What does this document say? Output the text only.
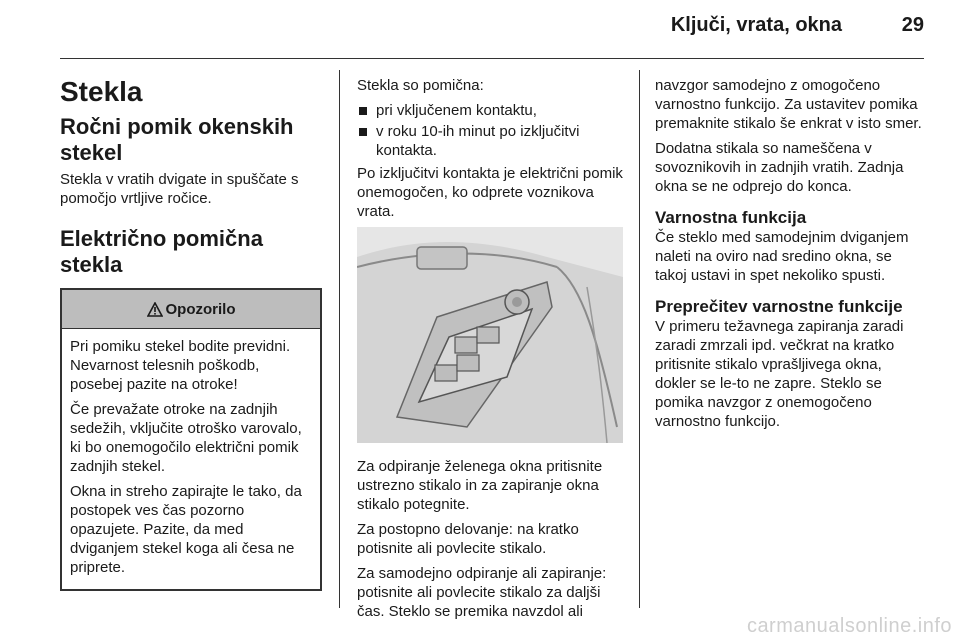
Ključi, vrata, okna	29
Stekla
Ročni pomik okenskih stekel

Stekla v vratih dvigate in spuščate s pomočjo vrtljive ročice.

Električno pomična stekla
Opozorilo

Pri pomiku stekel bodite previdni. Nevarnost telesnih poškodb, posebej pazite na otroke!

Če prevažate otroke na zadnjih sedežih, vključite otroško varovalo, ki bo onemogočilo električni pomik zadnjih stekel.

Okna in streho zapirajte le tako, da postopek ves čas pozorno opazujete. Pazite, da med dviganjem stekel koga ali česa ne priprete.

Stekla so pomična:

pri vključenem kontaktu,
v roku 10-ih minut po izključitvi kontakta.

Po izključitvi kontakta je električni pomik onemogočen, ko odprete voznikova vrata.

Za odpiranje želenega okna pritisnite ustrezno stikalo in za zapiranje okna stikalo potegnite.

Za postopno delovanje: na kratko potisnite ali povlecite stikalo.

Za samodejno odpiranje ali zapiranje: potisnite ali povlecite stikalo za daljši čas. Steklo se premika navzdol ali

navzgor samodejno z omogočeno varnostno funkcijo. Za ustavitev pomika premaknite stikalo še enkrat v isto smer.

Dodatna stikala so nameščena v sovoznikovih in zadnjih vratih. Zadnja okna se ne odprejo do konca.

Varnostna funkcija

Če steklo med samodejnim dviganjem naleti na oviro nad sredino okna, se takoj ustavi in spet nekoliko spusti.

Preprečitev varnostne funkcije

V primeru težavnega zapiranja zaradi zaradi zmrzali ipd. večkrat na kratko pritisnite stikalo vprašljivega okna, dokler se le-to ne zapre. Steklo se pomika navzgor z onemogočeno varnostno funkcijo.

carmanualsonline.info
